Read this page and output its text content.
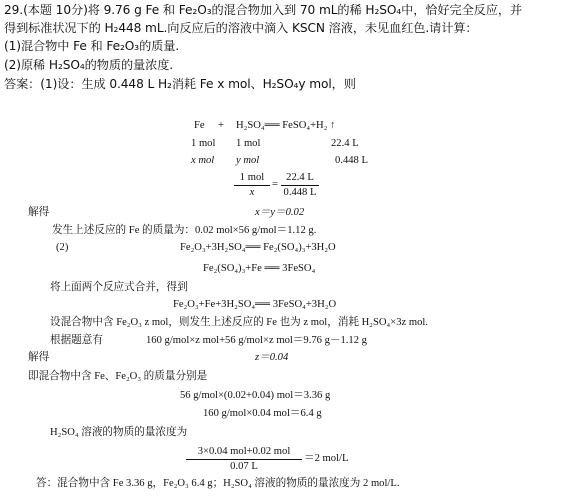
29.(本题 10分)将 9.76 g Fe 和 Fe₂O₃的混合物加入到 70 mL的稀 H₂SO₄中，恰好完全反应，并
得到标准状况下的 H₂448 mL.向反应后的溶液中滴入 KSCN 溶液，未见血红色.请计算：
(1)混合物中 Fe 和 Fe₂O₃的质量.
(2)原稀 H₂SO₄的物质的量浓度.
答案：(1)设：生成 0.448 L H₂消耗 Fe x mol、H₂SO₄y mol，则
Fe + H₂SO₄══ FeSO₄+H₂ ↑
1 mol 1 mol	22.4 L
x mol y mol	0.448 L
1 mol
x
= $\frac{22.4 L}{0.448 L}$
解得	x＝y＝0.02
发生上述反应的 Fe 的质量为：0.02 mol×56 g/mol＝1.12 g.
(2)	Fe₂O₃+3H₂SO₄══ Fe₂(SO₄)₃+3H₂O
Fe₂(SO₄)₃+Fe ══ 3FeSO₄
将上面两个反应式合并，得到
Fe₂O₃+Fe+3H₂SO₄══ 3FeSO₄+3H₂O
设混合物中含 Fe₂O₃ z mol，则发生上述反应的 Fe 也为 z mol，消耗 H₂SO₄×3z mol.
根据题意有	160 g/mol×z mol+56 g/mol×z mol＝9.76 g－1.12 g
解得	z＝0.04
即混合物中含 Fe、Fe₂O₃ 的质量分别是
56 g/mol×(0.02+0.04) mol＝3.36 g
160 g/mol×0.04 mol＝6.4 g
H₂SO₄ 溶液的物质的量浓度为
3×0.04 mol+0.02 mol
0.07 L
＝2 mol/L
答：混合物中含 Fe 3.36 g，Fe₂O₃ 6.4 g；H₂SO₄ 溶液的物质的量浓度为 2 mol/L.
